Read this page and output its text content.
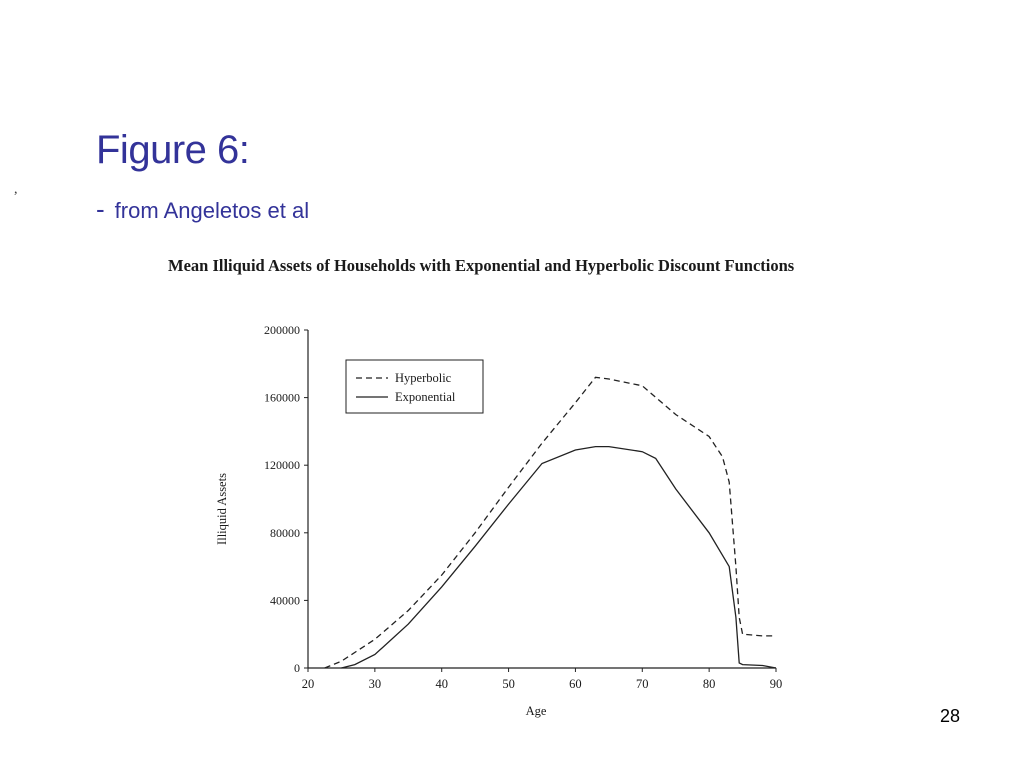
,
Figure 6:
- from Angeletos et al
Mean Illiquid Assets of Households with Exponential and Hyperbolic Discount Functions
0
40000
80000
120000
160000
200000
20	30	40	50	60	70	80	90
Age
Illiquid Assets
Hyperbolic
Exponential
28
